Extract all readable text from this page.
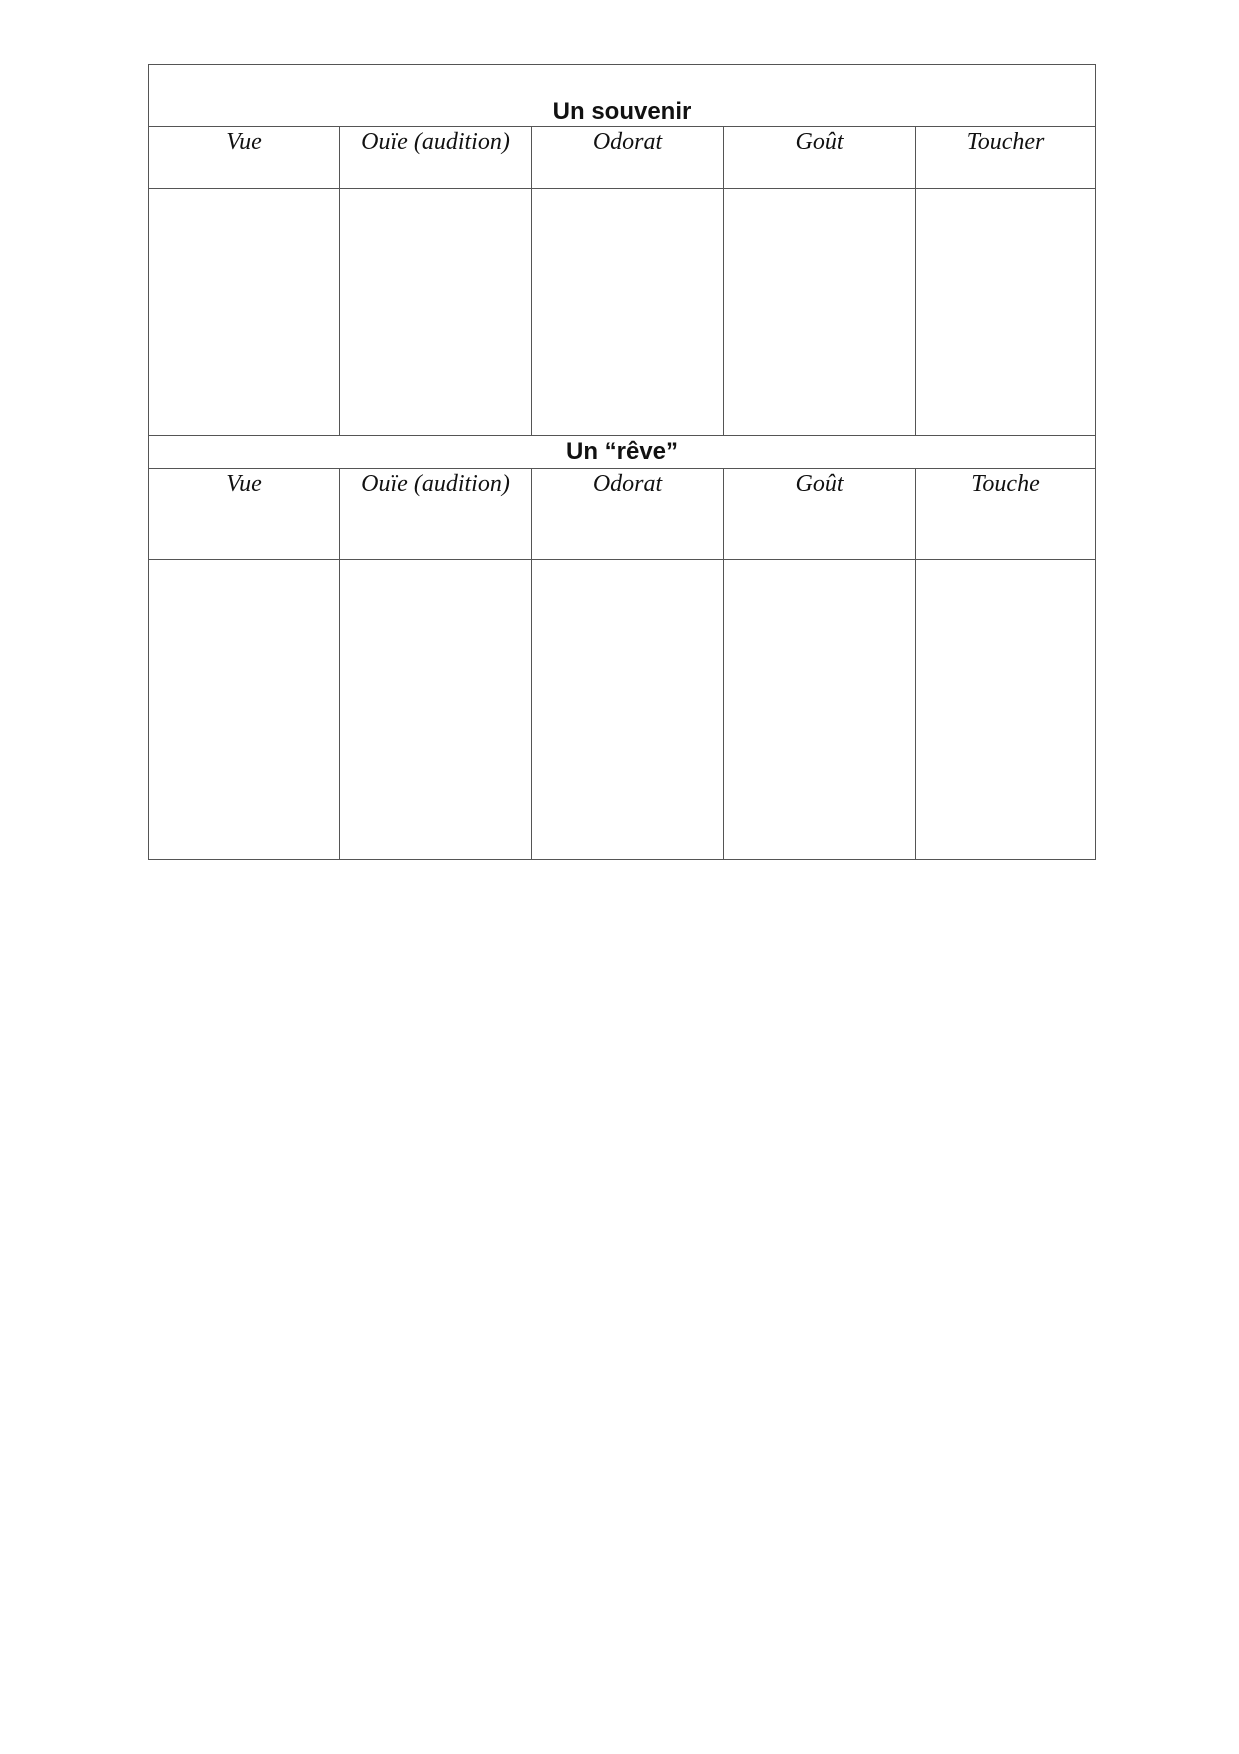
Un souvenir				
Vue	Ouïe (audition)	Odorat	Goût	Toucher

Un “rêve”				
Vue	Ouïe (audition)	Odorat	Goût	Touche
